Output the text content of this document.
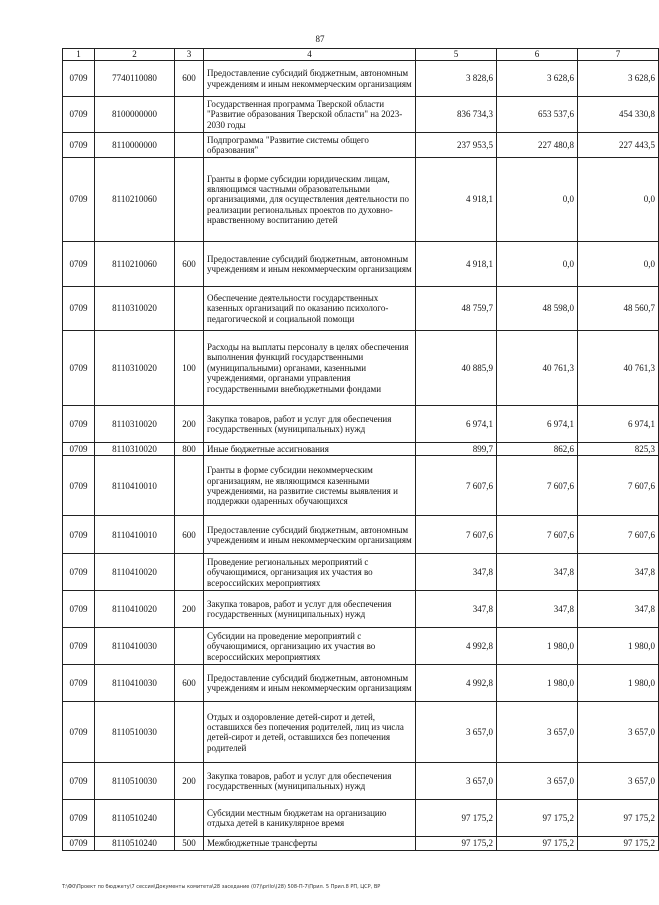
87
1	2	3	4	5	6	7
0709	7740110080	600	Предоставление субсидий бюджетным, автономным учреждениям и иным некоммерческим организациям	3 828,6	3 628,6	3 628,6
0709	8100000000		Государственная программа Тверской области "Развитие образования Тверской области" на 2023-2030 годы	836 734,3	653 537,6	454 330,8
0709	8110000000		Подпрограмма "Развитие системы общего образования"	237 953,5	227 480,8	227 443,5
0709	8110210060		Гранты в форме субсидии юридическим лицам, являющимся частными образовательными организациями, для осуществления деятельности по реализации региональных проектов по духовно-нравственному воспитанию детей	4 918,1	0,0	0,0
0709	8110210060	600	Предоставление субсидий бюджетным, автономным учреждениям и иным некоммерческим организациям	4 918,1	0,0	0,0
0709	8110310020		Обеспечение деятельности государственных казенных организаций по оказанию психолого-педагогической и социальной помощи	48 759,7	48 598,0	48 560,7
0709	8110310020	100	Расходы на выплаты персоналу в целях обеспечения выполнения функций государственными (муниципальными) органами, казенными учреждениями, органами управления государственными внебюджетными фондами	40 885,9	40 761,3	40 761,3
0709	8110310020	200	Закупка товаров, работ и услуг для обеспечения государственных (муниципальных) нужд	6 974,1	6 974,1	6 974,1
0709	8110310020	800	Иные бюджетные ассигнования	899,7	862,6	825,3
0709	8110410010		Гранты в форме субсидии некоммерческим организациям, не являющимся казенными учреждениями, на развитие системы выявления и поддержки одаренных обучающихся	7 607,6	7 607,6	7 607,6
0709	8110410010	600	Предоставление субсидий бюджетным, автономным учреждениям и иным некоммерческим организациям	7 607,6	7 607,6	7 607,6
0709	8110410020		Проведение региональных мероприятий с обучающимися, организация их участия во всероссийских мероприятиях	347,8	347,8	347,8
0709	8110410020	200	Закупка товаров, работ и услуг для обеспечения государственных (муниципальных) нужд	347,8	347,8	347,8
0709	8110410030		Субсидии на проведение мероприятий с обучающимися, организацию их участия во всероссийских мероприятиях	4 992,8	1 980,0	1 980,0
0709	8110410030	600	Предоставление субсидий бюджетным, автономным учреждениям и иным некоммерческим организациям	4 992,8	1 980,0	1 980,0
0709	8110510030		Отдых и оздоровление детей-сирот и детей, оставшихся без попечения родителей, лиц из числа детей-сирот и детей, оставшихся без попечения родителей	3 657,0	3 657,0	3 657,0
0709	8110510030	200	Закупка товаров, работ и услуг для обеспечения государственных (муниципальных) нужд	3 657,0	3 657,0	3 657,0
0709	8110510240		Субсидии местным бюджетам на организацию отдыха детей в каникулярное время	97 175,2	97 175,2	97 175,2
0709	8110510240	500	Межбюджетные трансферты	97 175,2	97 175,2	97 175,2
T:\Ф0\Проект по бюджету\7 сессия\Документы комитета\28 заседание (07)\prilo\(28) 508-П-7\Прил. 5 Прил.8 РП, ЦСР, ВР
